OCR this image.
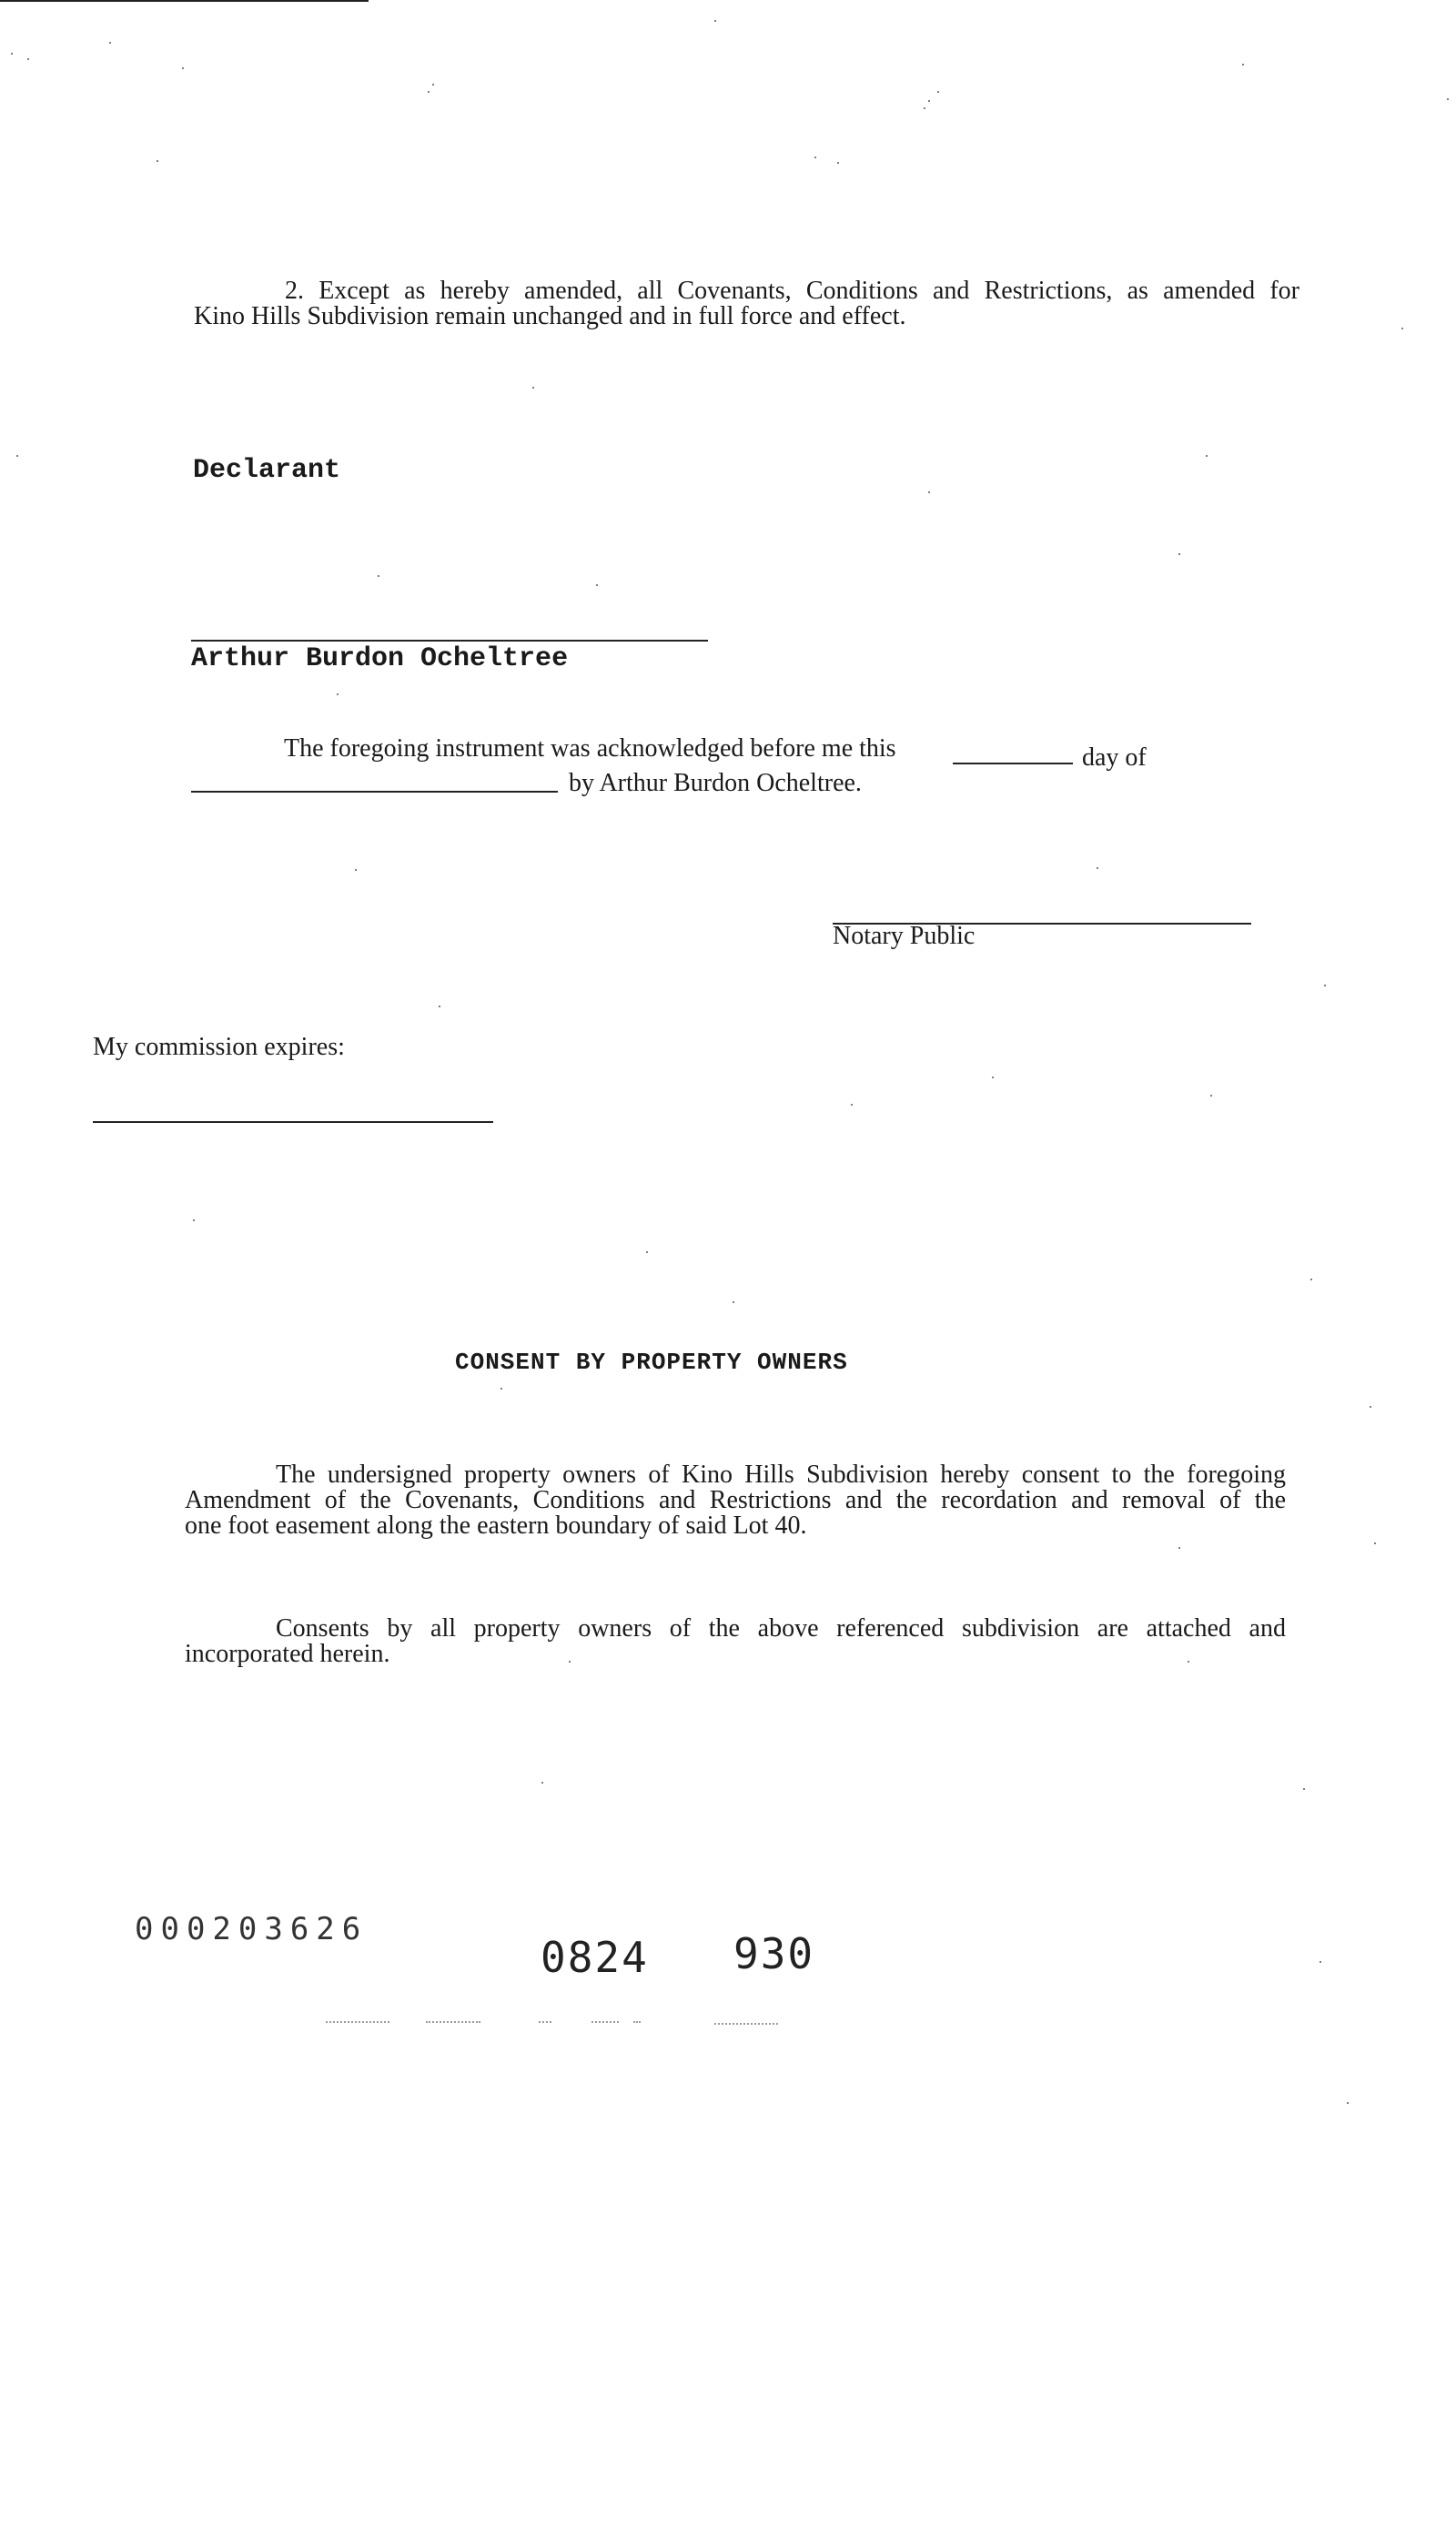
2. Except as hereby amended, all Covenants, Conditions and Restrictions, as amended for
Kino Hills Subdivision remain unchanged and in full force and effect.
Declarant
Arthur Burdon Ocheltree
The foregoing instrument was acknowledged before me this	day of
by Arthur Burdon Ocheltree.
Notary Public
My commission expires:
CONSENT BY PROPERTY OWNERS
The undersigned property owners of Kino Hills Subdivision hereby consent to the foregoing
Amendment of the Covenants, Conditions and Restrictions and the recordation and removal of the
one foot easement along the eastern boundary of said Lot 40.
Consents by all property owners of the above referenced subdivision are attached and
incorporated herein.
000203626
0824 930
